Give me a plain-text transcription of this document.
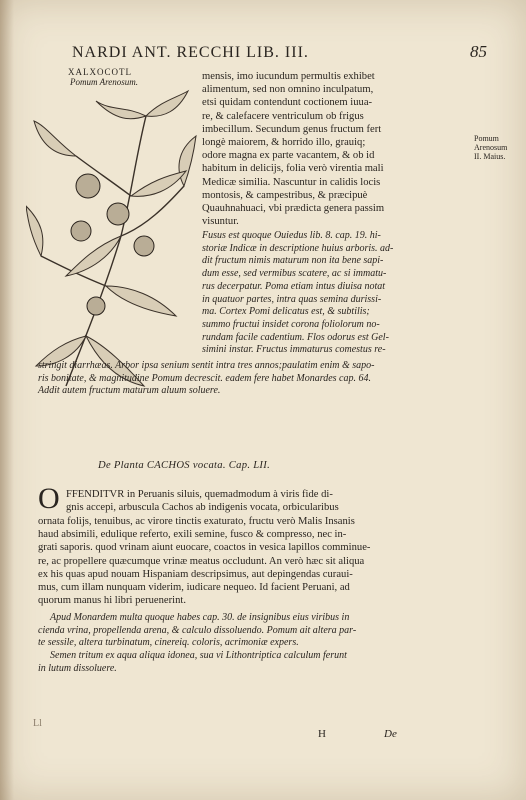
NARDI ANT. RECCHI LIB. III.	85
XALXOCOTL
Pomum Arenosum.	mensis, imo iucundum permultis exhibet
alimentum, sed non omnino inculpatum,
etsi quidam contendunt coctionem iuua-
re, & calefacere ventriculum ob frigus
imbecillum. Secundum genus fructum fert
longè maiorem, & horrido illo, grauiq;
odore magna ex parte vacantem, & ob id
habitum in delicijs, folia verò virentia mali
Medicæ similia. Nascuntur in calidis locis
montosis, & campestribus, & præcipuè
Quauhnahuaci, vbi prædicta genera passim
visuntur.
Pomum
Arenosum
II. Maius.
Fusus est quoque Ouiedus lib. 8. cap. 19. hi-
storiæ Indicæ in descriptione huius arboris. ad-
dit fructum nimis maturum non ita bene sapi-
dum esse, sed vermibus scatere, ac si immatu-
rus decerpatur. Poma etiam intus diuisa notat
in quatuor partes, intra quas semina durissi-
ma. Cortex Pomi delicatus est, & subtilis;
summo fructui insidet corona foliolorum no-
rundam facile cadentium. Flos odorus est Gel-
simini instar. Fructus immaturus comestus re-
stringit diarrhæas. Arbor ipsa senium sentit intra tres annos;paulatim enim & sapo-
ris bonitate, & magnitudine Pomum decrescit. eadem fere habet Monardes cap. 64.
Addit autem fructum maturum aluum soluere.
De Planta CACHOS vocata. Cap. LII.
O FFENDITVR in Peruanis siluis, quemadmodum à viris fide di-
gnis accepi, arbuscula Cachos ab indigenis vocata, orbicularibus
ornata folijs, tenuibus, ac virore tinctis exaturato, fructu verò Malis Insanis
haud absimili, edulique referto, exili semine, fusco & compresso, nec in-
grati saporis. quod vrinam aiunt euocare, coactos in vesica lapillos comminue-
re, ac propellere quæcumque vrinæ meatus occludunt. An verò hæc sit aliqua
ex his quas apud nouam Hispaniam descripsimus, aut depingendas curaui-
mus, cum illam nunquam viderim, iudicare nequeo. Id facient Peruani, ad
quorum manus hi libri peruenerint.
Apud Monardem multa quoque habes cap. 30. de insignibus eius viribus in
cienda vrina, propellenda arena, & calculo dissoluendo. Pomum ait altera par-
te sessile, altera turbinatum, cinereiq. coloris, acrimoniæ expers.
Semen tritum ex aqua aliqua idonea, sua vi Lithontriptica calculum ferunt
in lutum dissoluere.
Ll
H	De
